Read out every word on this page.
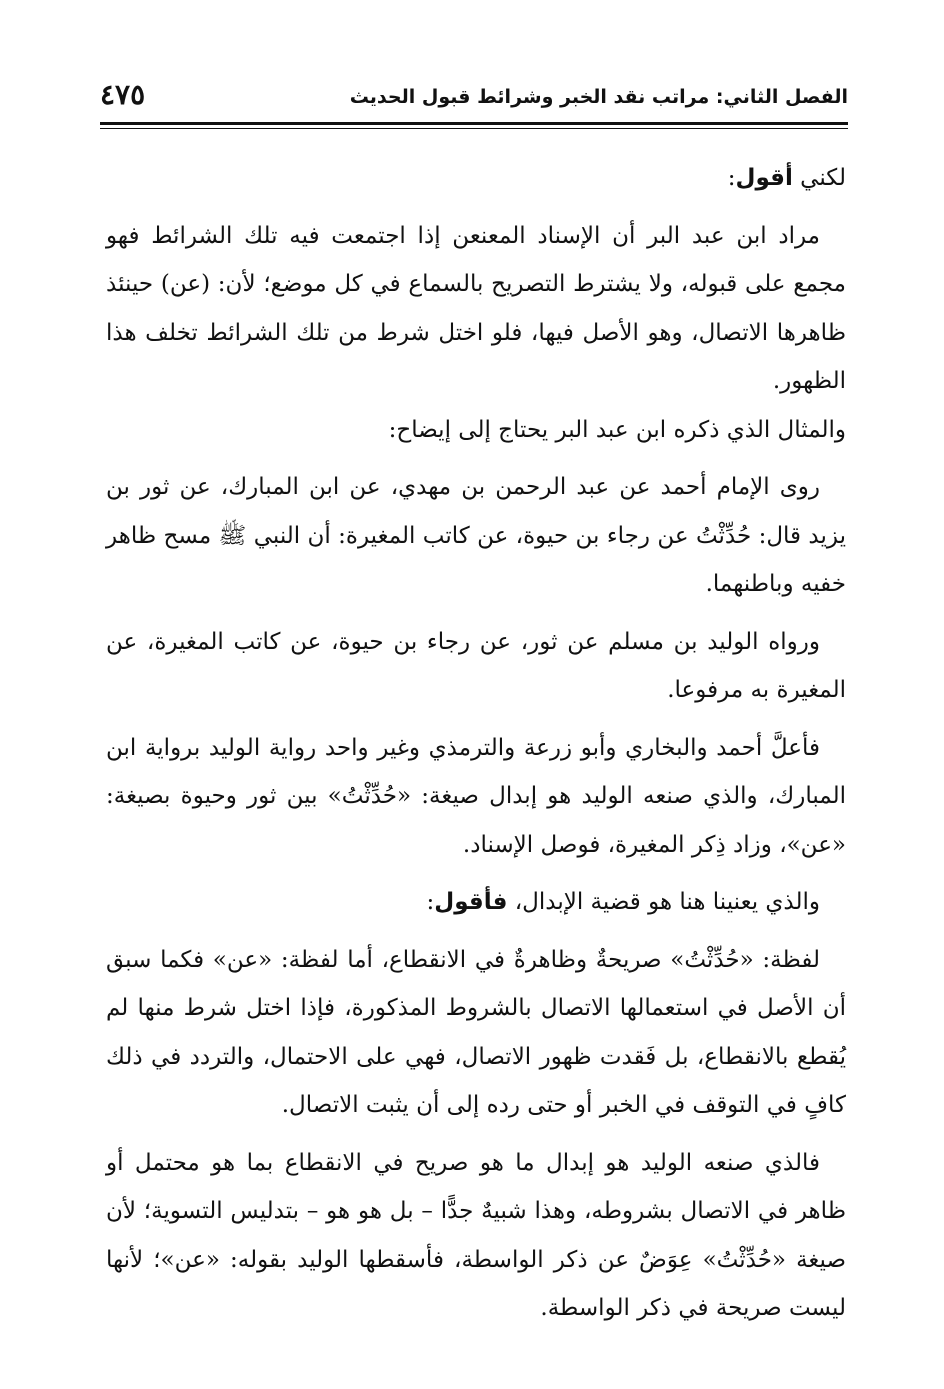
الفصل الثاني: مراتب نقد الخبر وشرائط قبول الحديث
٤٧٥

لكني أقول:

مراد ابن عبد البر أن الإسناد المعنعن إذا اجتمعت فيه تلك الشرائط فهو مجمع على قبوله، ولا يشترط التصريح بالسماع في كل موضع؛ لأن: (عن) حينئذ ظاهرها الاتصال، وهو الأصل فيها، فلو اختل شرط من تلك الشرائط تخلف هذا الظهور.

والمثال الذي ذكره ابن عبد البر يحتاج إلى إيضاح:

روى الإمام أحمد عن عبد الرحمن بن مهدي، عن ابن المبارك، عن ثور بن يزيد قال: حُدِّثْتُ عن رجاء بن حيوة، عن كاتب المغيرة: أن النبي ﷺ مسح ظاهر خفيه وباطنهما.

ورواه الوليد بن مسلم عن ثور، عن رجاء بن حيوة، عن كاتب المغيرة، عن المغيرة به مرفوعا.

فأعلَّ أحمد والبخاري وأبو زرعة والترمذي وغير واحد رواية الوليد برواية ابن المبارك، والذي صنعه الوليد هو إبدال صيغة: «حُدِّثْتُ» بين ثور وحيوة بصيغة: «عن»، وزاد ذِكر المغيرة، فوصل الإسناد.

والذي يعنينا هنا هو قضية الإبدال، فأقول:

لفظة: «حُدِّثْتُ» صريحةٌ وظاهرةٌ في الانقطاع، أما لفظة: «عن» فكما سبق أن الأصل في استعمالها الاتصال بالشروط المذكورة، فإذا اختل شرط منها لم يُقطع بالانقطاع، بل فَقدت ظهور الاتصال، فهي على الاحتمال، والتردد في ذلك كافٍ في التوقف في الخبر أو حتى رده إلى أن يثبت الاتصال.

فالذي صنعه الوليد هو إبدال ما هو صريح في الانقطاع بما هو محتمل أو ظاهر في الاتصال بشروطه، وهذا شبيهٌ جدًّا – بل هو هو – بتدليس التسوية؛ لأن صيغة «حُدِّثْتُ» عِوَضٌ عن ذكر الواسطة، فأسقطها الوليد بقوله: «عن»؛ لأنها ليست صريحة في ذكر الواسطة.
